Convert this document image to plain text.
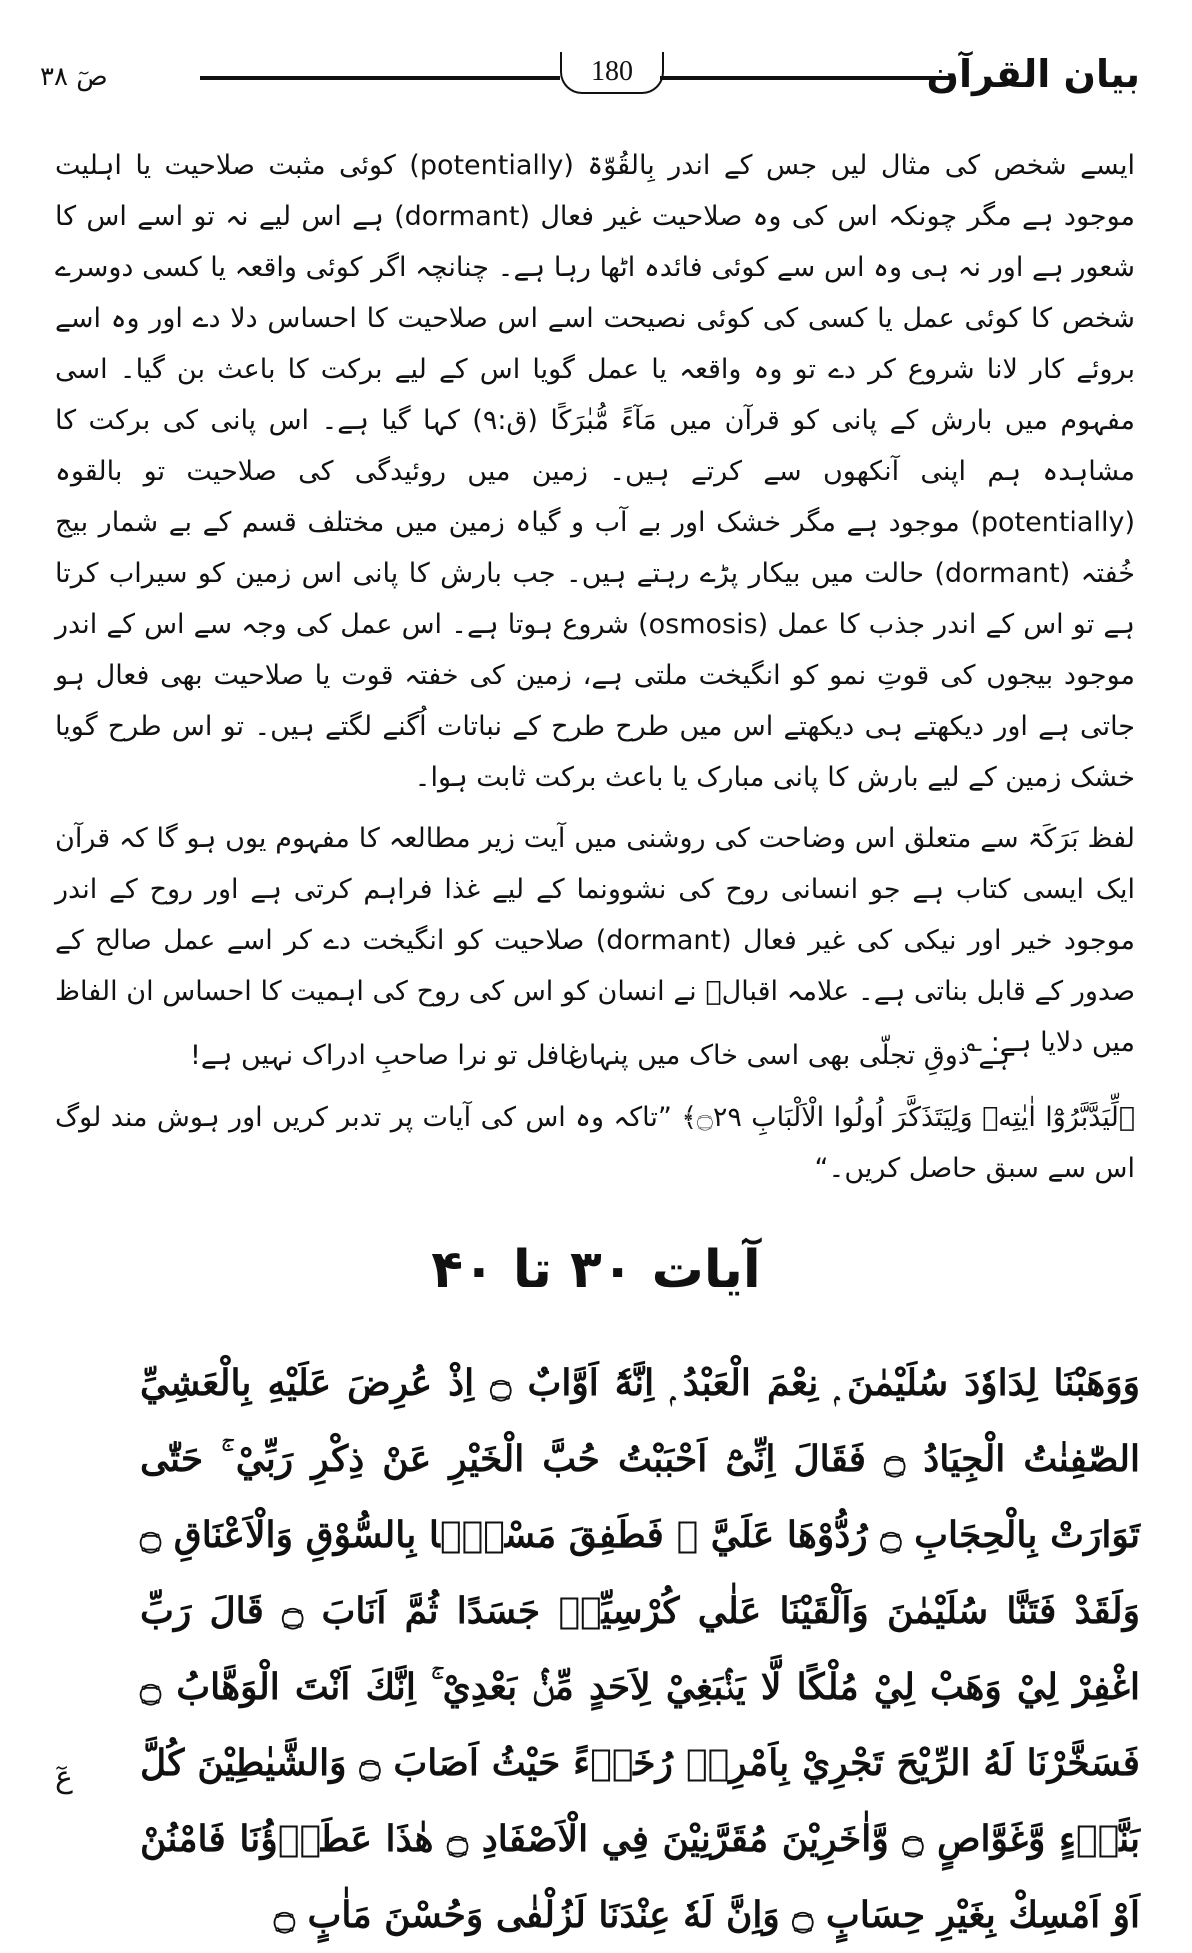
صٓ ۳۸	180	بیان القرآن

ایسے شخص کی مثال لیں جس کے اندر بِالقُوّۃ (potentially) کوئی مثبت صلاحیت یا اہلیت موجود ہے مگر چونکہ اس کی وہ صلاحیت غیر فعال (dormant) ہے اس لیے نہ تو اسے اس کا شعور ہے اور نہ ہی وہ اس سے کوئی فائدہ اٹھا رہا ہے۔ چنانچہ اگر کوئی واقعہ یا کسی دوسرے شخص کا کوئی عمل یا کسی کی کوئی نصیحت اسے اس صلاحیت کا احساس دلا دے اور وہ اسے بروئے کار لانا شروع کر دے تو وہ واقعہ یا عمل گویا اس کے لیے برکت کا باعث بن گیا۔ اسی مفہوم میں بارش کے پانی کو قرآن میں مَآءً مُّبٰرَکًا (ق:۹) کہا گیا ہے۔ اس پانی کی برکت کا مشاہدہ ہم اپنی آنکھوں سے کرتے ہیں۔ زمین میں روئیدگی کی صلاحیت تو بالقوہ (potentially) موجود ہے مگر خشک اور بے آب و گیاہ زمین میں مختلف قسم کے بے شمار بیج خُفتہ (dormant) حالت میں بیکار پڑے رہتے ہیں۔ جب بارش کا پانی اس زمین کو سیراب کرتا ہے تو اس کے اندر جذب کا عمل (osmosis) شروع ہوتا ہے۔ اس عمل کی وجہ سے اس کے اندر موجود بیجوں کی قوتِ نمو کو انگیخت ملتی ہے، زمین کی خفتہ قوت یا صلاحیت بھی فعال ہو جاتی ہے اور دیکھتے ہی دیکھتے اس میں طرح طرح کے نباتات اُگنے لگتے ہیں۔ تو اس طرح گویا خشک زمین کے لیے بارش کا پانی مبارک یا باعث برکت ثابت ہوا۔

لفظ بَرَکَۃ سے متعلق اس وضاحت کی روشنی میں آیت زیر مطالعہ کا مفہوم یوں ہو گا کہ قرآن ایک ایسی کتاب ہے جو انسانی روح کی نشوونما کے لیے غذا فراہم کرتی ہے اور روح کے اندر موجود خیر اور نیکی کی غیر فعال (dormant) صلاحیت کو انگیخت دے کر اسے عمل صالح کے صدور کے قابل بناتی ہے۔ علامہ اقبالؔ نے انسان کو اس کی روح کی اہمیت کا احساس ان الفاظ میں دلایا ہے: ؎

ہے ذوقِ تجلّی بھی اسی خاک میں پنہاں
غافل تو نرا صاحبِ ادراک نہیں ہے!
﴿لِّيَدَّبَّرُوْٓا اٰيٰتِهٖ وَلِيَتَذَكَّرَ اُولُوا الْاَلْبَابِ ۝۲۹﴾ ”تاکہ وہ اس کی آیات پر تدبر کریں اور ہوش مند لوگ اس سے سبق حاصل کریں۔“
آیات ۳۰ تا ۴۰
وَوَهَبْنَا لِدَاوٗدَ سُلَيْمٰنَ ۭ نِعْمَ الْعَبْدُ ۭ اِنَّهٗٓ اَوَّابٌ ۝ اِذْ عُرِضَ عَلَيْهِ بِالْعَشِيِّ الصّٰفِنٰتُ الْجِيَادُ ۝ فَقَالَ اِنِّىْٓ اَحْبَبْتُ حُبَّ الْخَيْرِ عَنْ ذِكْرِ رَبِّيْ ۚ حَتّٰى تَوَارَتْ بِالْحِجَابِ ۝ رُدُّوْهَا عَلَيَّ ۭ فَطَفِقَ مَسْحًۢا بِالسُّوْقِ وَالْاَعْنَاقِ ۝ وَلَقَدْ فَتَنَّا سُلَيْمٰنَ وَاَلْقَيْنَا عَلٰي كُرْسِيِّهٖ جَسَدًا ثُمَّ اَنَابَ ۝ قَالَ رَبِّ اغْفِرْ لِيْ وَهَبْ لِيْ مُلْكًا لَّا يَنْۢبَغِيْ لِاَحَدٍ مِّنْۢ بَعْدِيْ ۚ اِنَّكَ اَنْتَ الْوَهَّابُ ۝ فَسَخَّرْنَا لَهُ الرِّيْحَ تَجْرِيْ بِاَمْرِهٖ رُخَاۗءً حَيْثُ اَصَابَ ۝ وَالشَّيٰطِيْنَ كُلَّ بَنَّاۗءٍ وَّغَوَّاصٍ ۝ وَّاٰخَرِيْنَ مُقَرَّنِيْنَ فِي الْاَصْفَادِ ۝ ھٰذَا عَطَاۗؤُنَا فَامْنُنْ اَوْ اَمْسِكْ بِغَيْرِ حِسَابٍ ۝ وَاِنَّ لَهٗ عِنْدَنَا لَزُلْفٰى وَحُسْنَ مَاٰبٍ ۝
عٓ
